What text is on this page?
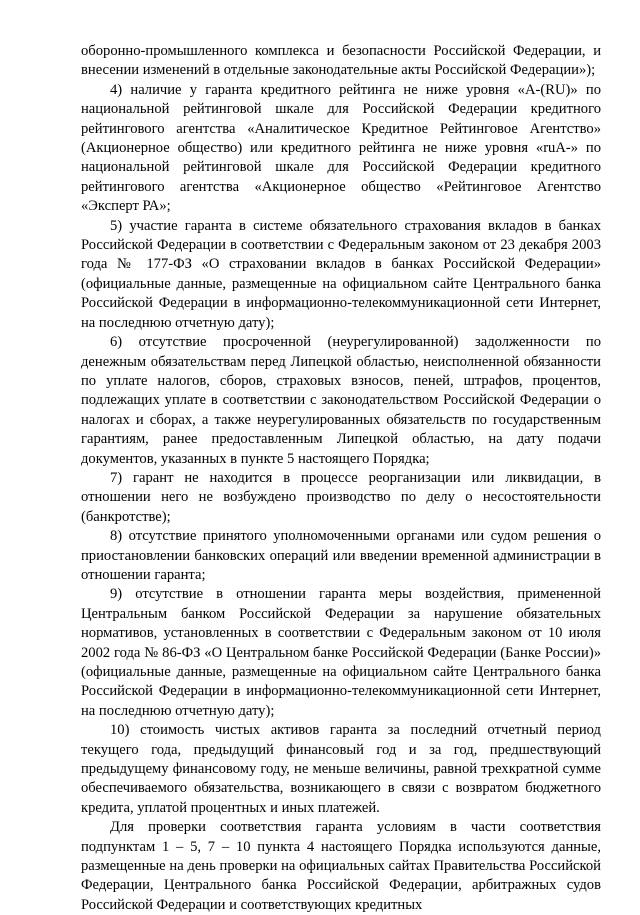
оборонно-промышленного комплекса и безопасности Российской Федерации, и внесении изменений в отдельные законодательные акты Российской Федерации»);

4) наличие у гаранта кредитного рейтинга не ниже уровня «A-(RU)» по национальной рейтинговой шкале для Российской Федерации кредитного рейтингового агентства «Аналитическое Кредитное Рейтинговое Агентство» (Акционерное общество) или кредитного рейтинга не ниже уровня «ruA-» по национальной рейтинговой шкале для Российской Федерации кредитного рейтингового агентства «Акционерное общество «Рейтинговое Агентство «Эксперт РА»;

5) участие гаранта в системе обязательного страхования вкладов в банках Российской Федерации в соответствии с Федеральным законом от 23 декабря 2003 года № 177-ФЗ «О страховании вкладов в банках Российской Федерации» (официальные данные, размещенные на официальном сайте Центрального банка Российской Федерации в информационно-телекоммуникационной сети Интернет, на последнюю отчетную дату);

6) отсутствие просроченной (неурегулированной) задолженности по денежным обязательствам перед Липецкой областью, неисполненной обязанности по уплате налогов, сборов, страховых взносов, пеней, штрафов, процентов, подлежащих уплате в соответствии с законодательством Российской Федерации о налогах и сборах, а также неурегулированных обязательств по государственным гарантиям, ранее предоставленным Липецкой областью, на дату подачи документов, указанных в пункте 5 настоящего Порядка;

7) гарант не находится в процессе реорганизации или ликвидации, в отношении него не возбуждено производство по делу о несостоятельности (банкротстве);

8) отсутствие принятого уполномоченными органами или судом решения о приостановлении банковских операций или введении временной администрации в отношении гаранта;

9) отсутствие в отношении гаранта меры воздействия, примененной Центральным банком Российской Федерации за нарушение обязательных нормативов, установленных в соответствии с Федеральным законом от 10 июля 2002 года № 86-ФЗ «О Центральном банке Российской Федерации (Банке России)» (официальные данные, размещенные на официальном сайте Центрального банка Российской Федерации в информационно-телекоммуникационной сети Интернет, на последнюю отчетную дату);

10) стоимость чистых активов гаранта за последний отчетный период текущего года, предыдущий финансовый год и за год, предшествующий предыдущему финансовому году, не меньше величины, равной трехкратной сумме обеспечиваемого обязательства, возникающего в связи с возвратом бюджетного кредита, уплатой процентных и иных платежей.

Для проверки соответствия гаранта условиям в части соответствия подпунктам 1 – 5, 7 – 10 пункта 4 настоящего Порядка используются данные, размещенные на день проверки на официальных сайтах Правительства Российской Федерации, Центрального банка Российской Федерации, арбитражных судов Российской Федерации и соответствующих кредитных
